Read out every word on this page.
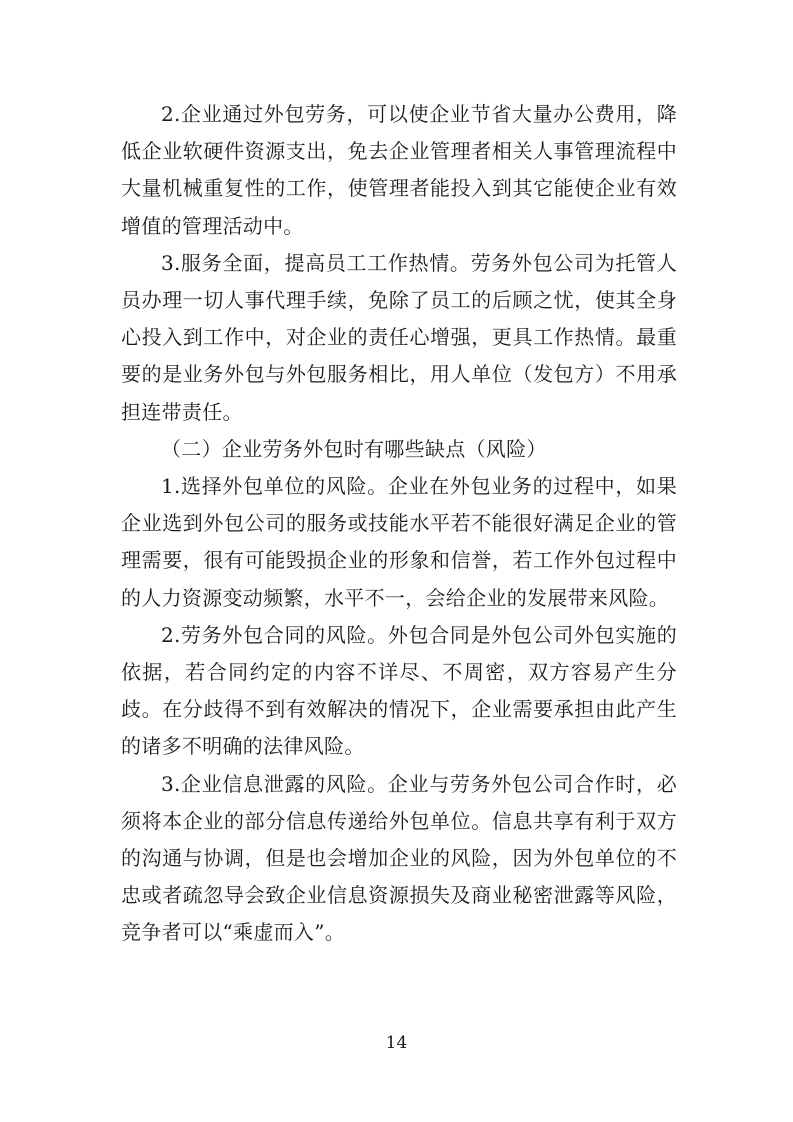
2.企业通过外包劳务，可以使企业节省大量办公费用，降低企业软硬件资源支出，免去企业管理者相关人事管理流程中大量机械重复性的工作，使管理者能投入到其它能使企业有效增值的管理活动中。

3.服务全面，提高员工工作热情。劳务外包公司为托管人员办理一切人事代理手续，免除了员工的后顾之忧，使其全身心投入到工作中，对企业的责任心增强，更具工作热情。最重要的是业务外包与外包服务相比，用人单位（发包方）不用承担连带责任。

（二）企业劳务外包时有哪些缺点（风险）

1.选择外包单位的风险。企业在外包业务的过程中，如果企业选到外包公司的服务或技能水平若不能很好满足企业的管理需要，很有可能毁损企业的形象和信誉，若工作外包过程中的人力资源变动频繁，水平不一，会给企业的发展带来风险。

2.劳务外包合同的风险。外包合同是外包公司外包实施的依据，若合同约定的内容不详尽、不周密，双方容易产生分歧。在分歧得不到有效解决的情况下，企业需要承担由此产生的诸多不明确的法律风险。

3.企业信息泄露的风险。企业与劳务外包公司合作时，必须将本企业的部分信息传递给外包单位。信息共享有利于双方的沟通与协调，但是也会增加企业的风险，因为外包单位的不忠或者疏忽导会致企业信息资源损失及商业秘密泄露等风险，竞争者可以“乘虚而入”。

14
